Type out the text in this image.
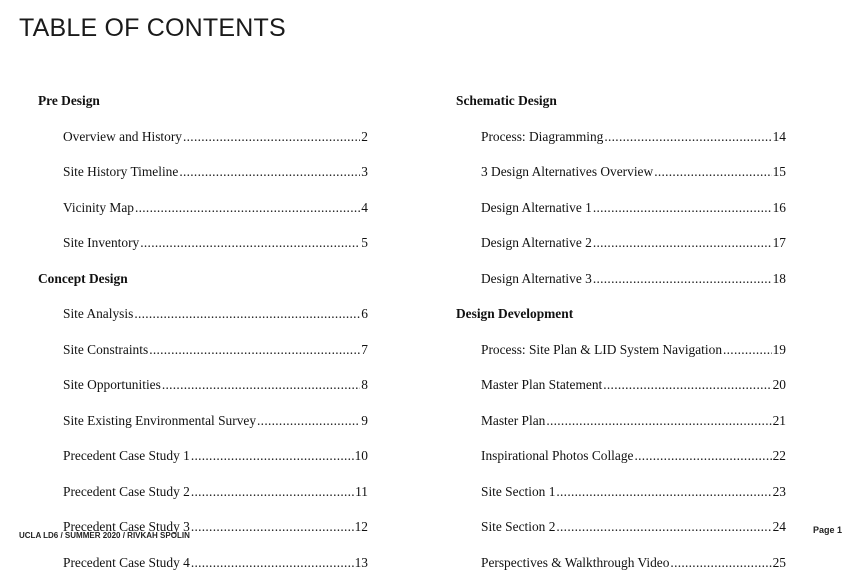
TABLE OF CONTENTS
Pre Design
Overview and History .....	2
Site History Timeline .....	3
Vicinity Map .....	4
Site Inventory .....	5
Concept Design
Site Analysis .....	6
Site Constraints .....	7
Site Opportunities .....	8
Site Existing Environmental Survey .....	9
Precedent Case Study 1 .....	10
Precedent Case Study 2 .....	11
Precedent Case Study 3 .....	12
Precedent Case Study 4 .....	13
Schematic Design
Process: Diagramming .....	14
3 Design Alternatives Overview .....	15
Design Alternative 1 .....	16
Design Alternative 2 .....	17
Design Alternative 3 .....	18
Design Development
Process: Site Plan & LID System Navigation .....	19
Master Plan Statement .....	20
Master Plan .....	21
Inspirational Photos Collage .....	22
Site Section 1 .....	23
Site Section 2 .....	24
Perspectives & Walkthrough Video .....	25
UCLA LD6 / SUMMER 2020 / RIVKAH SPOLIN
Page 1
